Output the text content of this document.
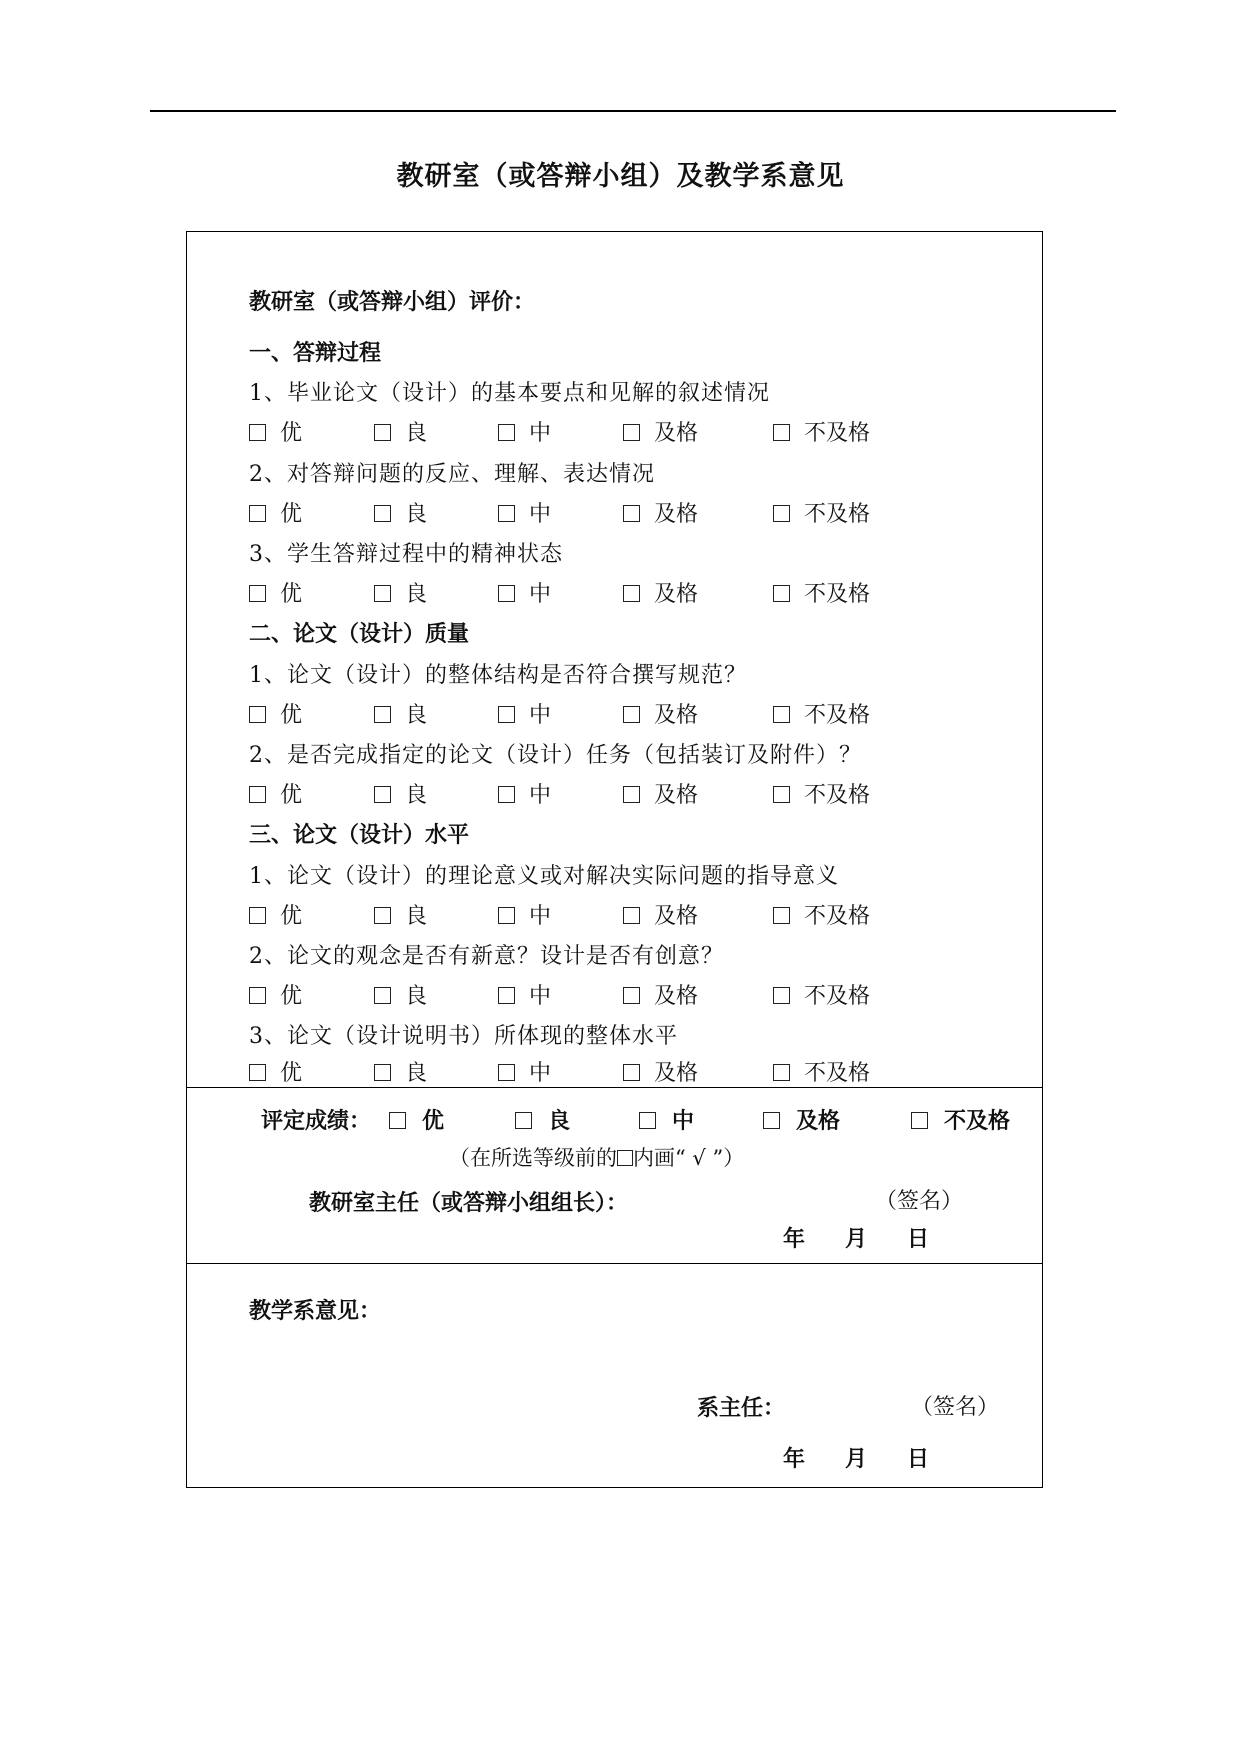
教研室（或答辩小组）及教学系意见
教研室（或答辩小组）评价：
一、答辩过程
1、毕业论文（设计）的基本要点和见解的叙述情况
优	良	中	及格	不及格
2、对答辩问题的反应、理解、表达情况
优	良	中	及格	不及格
3、学生答辩过程中的精神状态
优	良	中	及格	不及格
二、论文（设计）质量
1、论文（设计）的整体结构是否符合撰写规范？
优	良	中	及格	不及格
2、是否完成指定的论文（设计）任务（包括装订及附件）？
优	良	中	及格	不及格
三、论文（设计）水平
1、论文（设计）的理论意义或对解决实际问题的指导意义
优	良	中	及格	不及格
2、论文的观念是否有新意？设计是否有创意？
优	良	中	及格	不及格
3、论文（设计说明书）所体现的整体水平
优	良	中	及格	不及格
评定成绩：	优	良	中	及格	不及格
（在所选等级前的 内画“ √ ”）
教研室主任（或答辩小组组长）：	（签名）
年 月 日
教学系意见：
系主任：	（签名）
年 月 日
